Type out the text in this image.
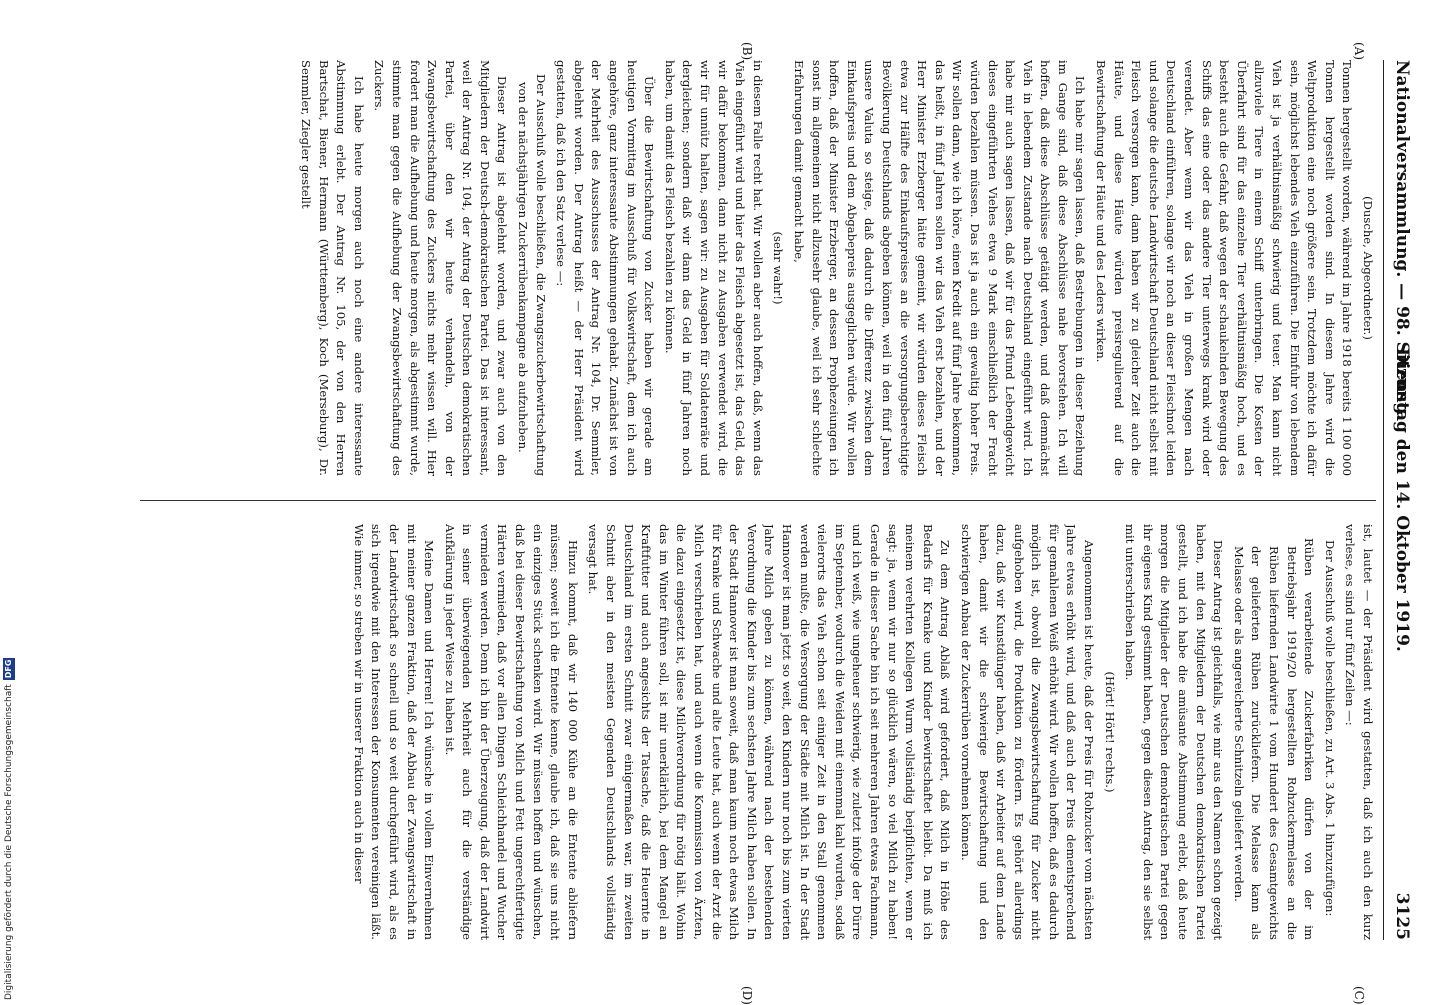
Nationalversammlung. — 98. Sitzung.
Dienstag den 14. Oktober 1919.
3125
(A)
(B)
(C)
(D)

(Dusche, Abgeordneter.)

Tonnen hergestellt worden, während im Jahre 1918 bereits 1 100 000 Tonnen hergestellt worden sind. In diesem Jahre wird die Weltproduktion eine noch größere sein. Trotzdem möchte ich dafür sein, möglichst lebendes Vieh einzuführen. Die Einfuhr von lebendem Vieh ist ja verhältnismäßig schwierig und teuer. Man kann nicht allzuviele Tiere in einem Schiff unterbringen. Die Kosten der Überfahrt sind für das einzelne Tier verhältnismäßig hoch, und es besteht auch die Gefahr, daß wegen der schaukelnden Bewegung des Schiffs das eine oder das andere Tier unterwegs krank wird oder verendet. Aber wenn wir das Vieh in großen Mengen nach Deutschland einführen, solange wir noch an dieser Fleischnot leiden und solange die deutsche Landwirtschaft Deutschland nicht selbst mit Fleisch versorgen kann, dann haben wir zu gleicher Zeit auch die Häute, und diese Häute würden preisregulierend auf die Bewirtschaftung der Häute und des Leders wirken.

Ich habe mir sagen lassen, daß Bestrebungen in dieser Beziehung im Gange sind, daß diese Abschlüsse nahe bevorstehen. Ich will hoffen, daß diese Abschlüsse getätigt werden, und daß demnächst Vieh in lebendem Zustande nach Deutschland eingeführt wird. Ich habe mir auch sagen lassen, daß wir für das Pfund Lebendgewicht dieses eingeführten Viehes etwa 9 Mark einschließlich der Fracht würden bezahlen müssen. Das ist ja auch ein gewaltig hoher Preis. Wir sollen dann, wie ich höre, einen Kredit auf fünf Jahre bekommen, das heißt, in fünf Jahren sollen wir das Vieh erst bezahlen, und der Herr Minister Erzberger hätte gemeint, wir würden dieses Fleisch etwa zur Hälfte des Einkaufspreises an die versorgungsberechtigte Bevölkerung Deutschlands abgeben können, weil in den fünf Jahren unsere Valuta so steige, daß dadurch die Differenz zwischen dem Einkaufspreis und dem Abgabepreis ausgeglichen würde. Wir wollen hoffen, daß der Minister Erzberger, an dessen Prophezeiungen ich sonst im allgemeinen nicht allzusehr glaube, weil ich sehr schlechte Erfahrungen damit gemacht habe,

(sehr wahr!)

in diesem Falle recht hat. Wir wollen aber auch hoffen, daß, wenn das Vieh eingeführt wird und hier das Fleisch abgesetzt ist, das Geld, das wir dafür bekommen, dann nicht zu Ausgaben verwendet wird, die wir für unnütz halten, sagen wir: zu Ausgaben für Soldatenräte und dergleichen; sondern daß wir dann das Geld in fünf Jahren noch haben, um damit das Fleisch bezahlen zu können.

Über die Bewirtschaftung von Zucker haben wir gerade am heutigen Vormittag im Ausschuß für Volkswirtschaft, dem ich auch angehöre, ganz interessante Abstimmungen gehabt. Zunächst ist von der Mehrheit des Ausschusses der Antrag Nr. 104, Dr. Semmler, abgelehnt worden. Der Antrag heißt — der Herr Präsident wird gestatten, daß ich den Satz verlese —:

Der Ausschuß wolle beschließen, die Zwangszuckerbewirtschaftung von der nächstjährigen Zuckerrübenkampagne ab aufzuheben.

Dieser Antrag ist abgelehnt worden, und zwar auch von den Mitgliedern der Deutsch-demokratischen Partei. Das ist interessant, weil der Antrag Nr. 104, der Antrag der Deutschen demokratischen Partei, über den wir heute verhandeln, von der Zwangsbewirtschaftung des Zuckers nichts mehr wissen will. Hier fordert man die Aufhebung und heute morgen, als abgestimmt wurde, stimmte man gegen die Aufhebung der Zwangsbewirtschaftung des Zuckers.

Ich habe heute morgen auch noch eine andere interessante Abstimmung erlebt. Der Antrag Nr. 105, der von den Herren Bartschat, Biener, Hermann (Württemberg), Koch (Merseburg), Dr. Semmler, Ziegler gestellt

ist, lautet — der Präsident wird gestatten, daß ich auch den kurz verlese, es sind nur fünf Zeilen —:

Der Ausschuß wolle beschließen, zu Art. 3 Abs. 1 hinzuzufügen:

Rüben verarbeitende Zuckerfabriken dürfen von der im Betriebsjahr 1919/20 hergestellten Rohzuckermelasse an die Rüben liefernden Landwirte 1 vom Hundert des Gesamtgewichts der gelieferten Rüben zurückliefern. Die Melasse kann als Melasse oder als angereicherte Schnitzeln geliefert werden.

Dieser Antrag ist gleichfalls, wie mir aus den Namen schon gezeigt haben, mit den Mitgliedern der Deutschen demokratischen Partei gestellt, und ich habe die amüsante Abstimmung erlebt, daß heute morgen die Mitglieder der Deutschen demokratischen Partei gegen ihr eigenes Kind gestimmt haben, gegen diesen Antrag, den sie selbst mit unterschrieben haben.

(Hört! Hört! rechts.)

Angenommen ist heute, daß der Preis für Rohzucker vom nächsten Jahre etwas erhöht wird, und daß auch der Preis dementsprechend für gemahlenen Weiß erhöht wird. Wir wollen hoffen, daß es dadurch möglich ist, obwohl die Zwangsbewirtschaftung für Zucker nicht aufgehoben wird, die Produktion zu fördern. Es gehört allerdings dazu, daß wir Kunstdünger haben, daß wir Arbeiter auf dem Lande haben, damit wir die schwierige Bewirtschaftung und den schwierigen Anbau der Zuckerrüben vornehmen können.

Zu dem Antrag Ablaß wird gefordert, daß Milch in Höhe des Bedarfs für Kranke und Kinder bewirtschaftet bleibt. Da muß ich meinem verehrten Kollegen Wurm vollständig beipflichten, wenn er sagt: ja, wenn wir nur so glücklich wären, so viel Milch zu haben! Gerade in dieser Sache bin ich seit mehreren Jahren etwas Fachmann, und ich weiß, wie ungeheuer schwierig, wie zuletzt infolge der Dürre im September, wodurch die Weiden mit einemmal kahl wurden, sodaß vielerorts das Vieh schon seit einiger Zeit in den Stall genommen werden mußte, die Versorgung der Städte mit Milch ist. In der Stadt Hannover ist man jetzt so weit, den Kindern nur noch bis zum vierten Jahre Milch geben zu können, während nach der bestehenden Verordnung die Kinder bis zum sechsten Jahre Milch haben sollen. In der Stadt Hannover ist man soweit, daß man kaum noch etwas Milch für Kranke und Schwache und alte Leute hat, auch wenn der Arzt die Milch verschrieben hat, und auch wenn die Kommission von Ärzten, die dazu eingesetzt ist, diese Milchverordnung für nötig hält. Wohin das im Winter führen soll, ist mir unerklärlich, bei dem Mangel an Kraftfutter und auch angesichts der Tatsache, daß die Heuernte in Deutschland im ersten Schnitt zwar einigermaßen war, im zweiten Schnitt aber in den meisten Gegenden Deutschlands vollständig versagt hat.

Hinzu kommt, daß wir 140 000 Kühe an die Entente abliefern müssen; soweit ich die Entente kenne, glaube ich, daß sie uns nicht ein einziges Stück schenken wird. Wir müssen hoffen und wünschen, daß bei dieser Bewirtschaftung von Milch und Fett ungerechtfertigte Härten vermieden, daß vor allen Dingen Schleichhandel und Wucher vermieden werden. Denn ich bin der Überzeugung, daß der Landwirt in seiner überwiegenden Mehrheit auch für die verständige Aufklärung in jeder Weise zu haben ist.

Meine Damen und Herren! Ich wünsche in vollem Einvernehmen mit meiner ganzen Fraktion, daß der Abbau der Zwangswirtschaft in der Landwirtschaft so schnell und so weit durchgeführt wird, als es sich irgendwie mit den Interessen der Konsumenten vereinigen läßt. Wie immer, so streben wir in unserer Fraktion auch in dieser

Digitalisierung gefördert durch die Deutsche ForschungsgemeinschaftDFG
